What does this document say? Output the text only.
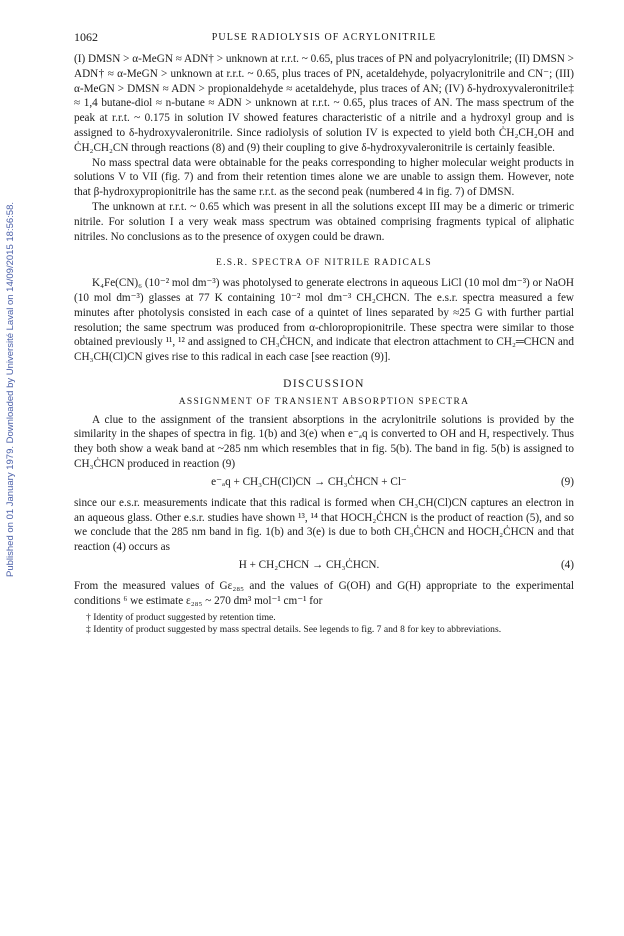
Published on 01 January 1979. Downloaded by Université Laval on 14/09/2015 18:56:58.
1062	PULSE RADIOLYSIS OF ACRYLONITRILE

(I) DMSN > α-MeGN ≈ ADN† > unknown at r.r.t. ~ 0.65, plus traces of PN and polyacrylonitrile; (II) DMSN > ADN† ≈ α-MeGN > unknown at r.r.t. ~ 0.65, plus traces of PN, acetaldehyde, polyacrylonitrile and CN⁻; (III) α-MeGN > DMSN ≈ ADN > propionaldehyde ≈ acetaldehyde, plus traces of AN; (IV) δ-hydroxyvaleronitrile‡ ≈ 1,4 butane-diol ≈ n-butane ≈ ADN > unknown at r.r.t. ~ 0.65, plus traces of AN. The mass spectrum of the peak at r.r.t. ~ 0.175 in solution IV showed features characteristic of a nitrile and a hydroxyl group and is assigned to δ-hydroxyvaleronitrile. Since radiolysis of solution IV is expected to yield both ĊH₂CH₂OH and ĊH₂CH₂CN through reactions (8) and (9) their coupling to give δ-hydroxyvaleronitrile is certainly feasible.

No mass spectral data were obtainable for the peaks corresponding to higher molecular weight products in solutions V to VII (fig. 7) and from their retention times alone we are unable to assign them. However, note that β-hydroxypropionitrile has the same r.r.t. as the second peak (numbered 4 in fig. 7) of DMSN.

The unknown at r.r.t. ~ 0.65 which was present in all the solutions except III may be a dimeric or trimeric nitrile. For solution I a very weak mass spectrum was obtained comprising fragments typical of aliphatic nitriles. No conclusions as to the presence of oxygen could be drawn.

E.S.R. SPECTRA OF NITRILE RADICALS

K₄Fe(CN)₆ (10⁻² mol dm⁻³) was photolysed to generate electrons in aqueous LiCl (10 mol dm⁻³) or NaOH (10 mol dm⁻³) glasses at 77 K containing 10⁻² mol dm⁻³ CH₂CHCN. The e.s.r. spectra measured a few minutes after photolysis consisted in each case of a quintet of lines separated by ≈25 G with further partial resolution; the same spectrum was produced from α-chloropropionitrile. These spectra were similar to those obtained previously ¹¹, ¹² and assigned to CH₃ĊHCN, and indicate that electron attachment to CH₂═CHCN and CH₃CH(Cl)CN gives rise to this radical in each case [see reaction (9)].

DISCUSSION
ASSIGNMENT OF TRANSIENT ABSORPTION SPECTRA

A clue to the assignment of the transient absorptions in the acrylonitrile solutions is provided by the similarity in the shapes of spectra in fig. 1(b) and 3(e) when e⁻ₐq is converted to OH and H, respectively. Thus they both show a weak band at ~285 nm which resembles that in fig. 5(b). The band in fig. 5(b) is assigned to CH₃ĊHCN produced in reaction (9)

e⁻ₐq + CH₃CH(Cl)CN → CH₃ĊHCN + Cl⁻	(9)

since our e.s.r. measurements indicate that this radical is formed when CH₃CH(Cl)CN captures an electron in an aqueous glass. Other e.s.r. studies have shown ¹³, ¹⁴ that HOCH₂ĊHCN is the product of reaction (5), and so we conclude that the 285 nm band in fig. 1(b) and 3(e) is due to both CH₃ĊHCN and HOCH₂ĊHCN and that reaction (4) occurs as

H + CH₂CHCN → CH₃ĊHCN.	(4)

From the measured values of Gε₂₈₅ and the values of G(OH) and G(H) appropriate to the experimental conditions ⁶ we estimate ε₂₈₅ ~ 270 dm³ mol⁻¹ cm⁻¹ for

† Identity of product suggested by retention time.
‡ Identity of product suggested by mass spectral details. See legends to fig. 7 and 8 for key to abbreviations.
